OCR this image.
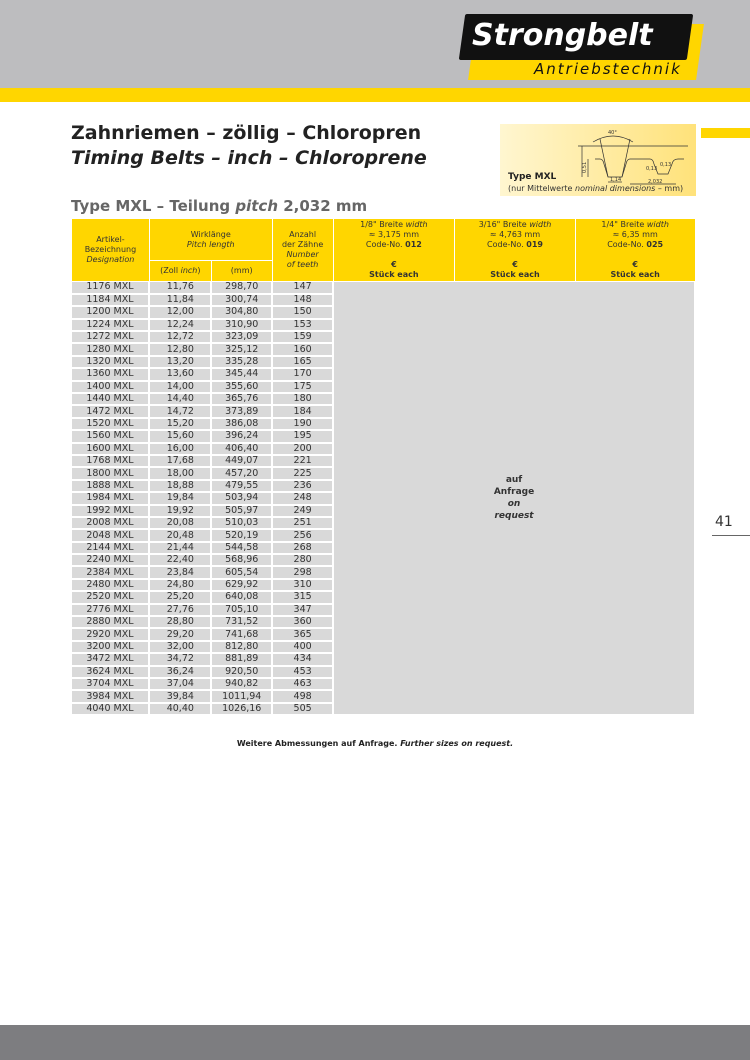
Strongbelt
Antriebstechnik
Zahnriemen – zöllig – Chloropren
Timing Belts – inch – Chloroprene
40°
1,14
0,51	0,13
0,13
2,032
Type MXL
(nur Mittelwerte nominal dimensions – mm)
Type MXL – Teilung pitch 2,032 mm
Artikel-
Bezeichnung
Designation	Wirklänge
Pitch length		Anzahl
der Zähne
Number
of teeth	1/8" Breite width
≈ 3,175 mm
Code-No. 012

€
Stück each	3/16" Breite width
≈ 4,763 mm
Code-No. 019

€
Stück each	1/4" Breite width
≈ 6,35 mm
Code-No. 025

€
Stück each
	(Zoll inch)	(mm)				
1176 MXL	11,76	298,70	147	auf
Anfrage
on
request		

1184 MXL	11,84	300,74	148			
1200 MXL	12,00	304,80	150			
1224 MXL	12,24	310,90	153			
1272 MXL	12,72	323,09	159			
1280 MXL	12,80	325,12	160			
1320 MXL	13,20	335,28	165			
1360 MXL	13,60	345,44	170			
1400 MXL	14,00	355,60	175			
1440 MXL	14,40	365,76	180			
1472 MXL	14,72	373,89	184			
1520 MXL	15,20	386,08	190			
1560 MXL	15,60	396,24	195			
1600 MXL	16,00	406,40	200			
1768 MXL	17,68	449,07	221			
1800 MXL	18,00	457,20	225			
1888 MXL	18,88	479,55	236			
1984 MXL	19,84	503,94	248			
1992 MXL	19,92	505,97	249			
2008 MXL	20,08	510,03	251			
2048 MXL	20,48	520,19	256			
2144 MXL	21,44	544,58	268			
2240 MXL	22,40	568,96	280			
2384 MXL	23,84	605,54	298			
2480 MXL	24,80	629,92	310			
2520 MXL	25,20	640,08	315			
2776 MXL	27,76	705,10	347			
2880 MXL	28,80	731,52	360			
2920 MXL	29,20	741,68	365			
3200 MXL	32,00	812,80	400			
3472 MXL	34,72	881,89	434			
3624 MXL	36,24	920,50	453			
3704 MXL	37,04	940,82	463			
3984 MXL	39,84	1011,94	498			
4040 MXL	40,40	1026,16	505			
41
Weitere Abmessungen auf Anfrage. Further sizes on request.
